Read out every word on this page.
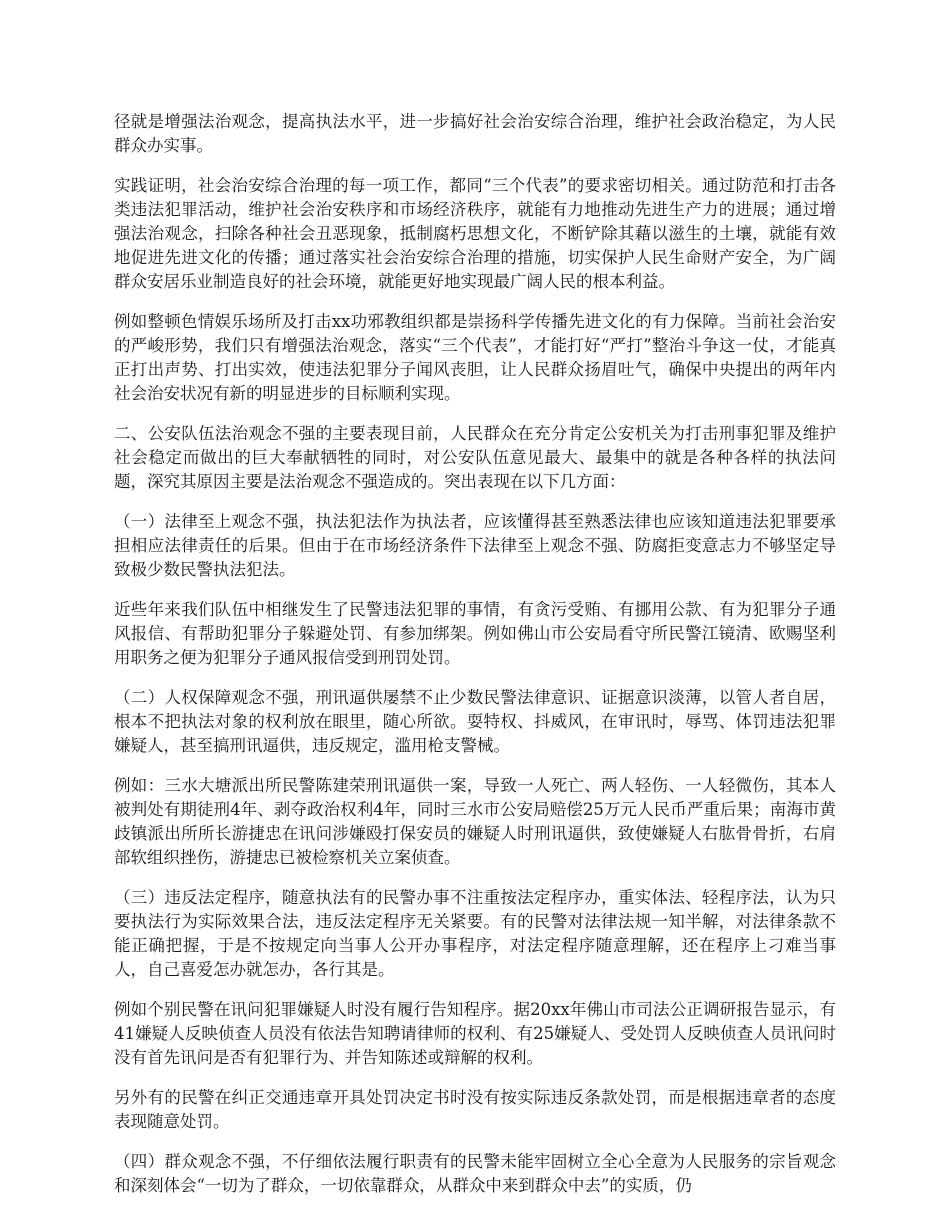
径就是增强法治观念，提高执法水平，进一步搞好社会治安综合治理，维护社会政治稳定，为人民群众办实事。

实践证明，社会治安综合治理的每一项工作，都同“三个代表”的要求密切相关。通过防范和打击各类违法犯罪活动，维护社会治安秩序和市场经济秩序，就能有力地推动先进生产力的进展；通过增强法治观念，扫除各种社会丑恶现象，抵制腐朽思想文化，不断铲除其藉以滋生的土壤，就能有效地促进先进文化的传播；通过落实社会治安综合治理的措施，切实保护人民生命财产安全，为广阔群众安居乐业制造良好的社会环境，就能更好地实现最广阔人民的根本利益。

例如整顿色情娱乐场所及打击xx功邪教组织都是崇扬科学传播先进文化的有力保障。当前社会治安的严峻形势，我们只有增强法治观念，落实“三个代表”，才能打好“严打”整治斗争这一仗，才能真正打出声势、打出实效，使违法犯罪分子闻风丧胆，让人民群众扬眉吐气，确保中央提出的两年内社会治安状况有新的明显进步的目标顺利实现。

二、公安队伍法治观念不强的主要表现目前，人民群众在充分肯定公安机关为打击刑事犯罪及维护社会稳定而做出的巨大奉献牺牲的同时，对公安队伍意见最大、最集中的就是各种各样的执法问题，深究其原因主要是法治观念不强造成的。突出表现在以下几方面：

（一）法律至上观念不强，执法犯法作为执法者，应该懂得甚至熟悉法律也应该知道违法犯罪要承担相应法律责任的后果。但由于在市场经济条件下法律至上观念不强、防腐拒变意志力不够坚定导致极少数民警执法犯法。

近些年来我们队伍中相继发生了民警违法犯罪的事情，有贪污受贿、有挪用公款、有为犯罪分子通风报信、有帮助犯罪分子躲避处罚、有参加绑架。例如佛山市公安局看守所民警江镜清、欧赐坚利用职务之便为犯罪分子通风报信受到刑罚处罚。

（二）人权保障观念不强，刑讯逼供屡禁不止少数民警法律意识、证据意识淡薄，以管人者自居，根本不把执法对象的权利放在眼里，随心所欲。耍特权、抖威风，在审讯时，辱骂、体罚违法犯罪嫌疑人，甚至搞刑讯逼供，违反规定，滥用枪支警械。

例如：三水大塘派出所民警陈建荣刑讯逼供一案，导致一人死亡、两人轻伤、一人轻微伤，其本人被判处有期徒刑4年、剥夺政治权利4年，同时三水市公安局赔偿25万元人民币严重后果；南海市黄歧镇派出所所长游捷忠在讯问涉嫌殴打保安员的嫌疑人时刑讯逼供，致使嫌疑人右肱骨骨折，右肩部软组织挫伤，游捷忠已被检察机关立案侦查。

（三）违反法定程序，随意执法有的民警办事不注重按法定程序办，重实体法、轻程序法，认为只要执法行为实际效果合法，违反法定程序无关紧要。有的民警对法律法规一知半解，对法律条款不能正确把握，于是不按规定向当事人公开办事程序，对法定程序随意理解，还在程序上刁难当事人，自己喜爱怎办就怎办，各行其是。

例如个别民警在讯问犯罪嫌疑人时没有履行告知程序。据20xx年佛山市司法公正调研报告显示，有41嫌疑人反映侦查人员没有依法告知聘请律师的权利、有25嫌疑人、受处罚人反映侦查人员讯问时没有首先讯问是否有犯罪行为、并告知陈述或辩解的权利。

另外有的民警在纠正交通违章开具处罚决定书时没有按实际违反条款处罚，而是根据违章者的态度表现随意处罚。

（四）群众观念不强，不仔细依法履行职责有的民警未能牢固树立全心全意为人民服务的宗旨观念和深刻体会“一切为了群众，一切依靠群众，从群众中来到群众中去”的实质，仍
